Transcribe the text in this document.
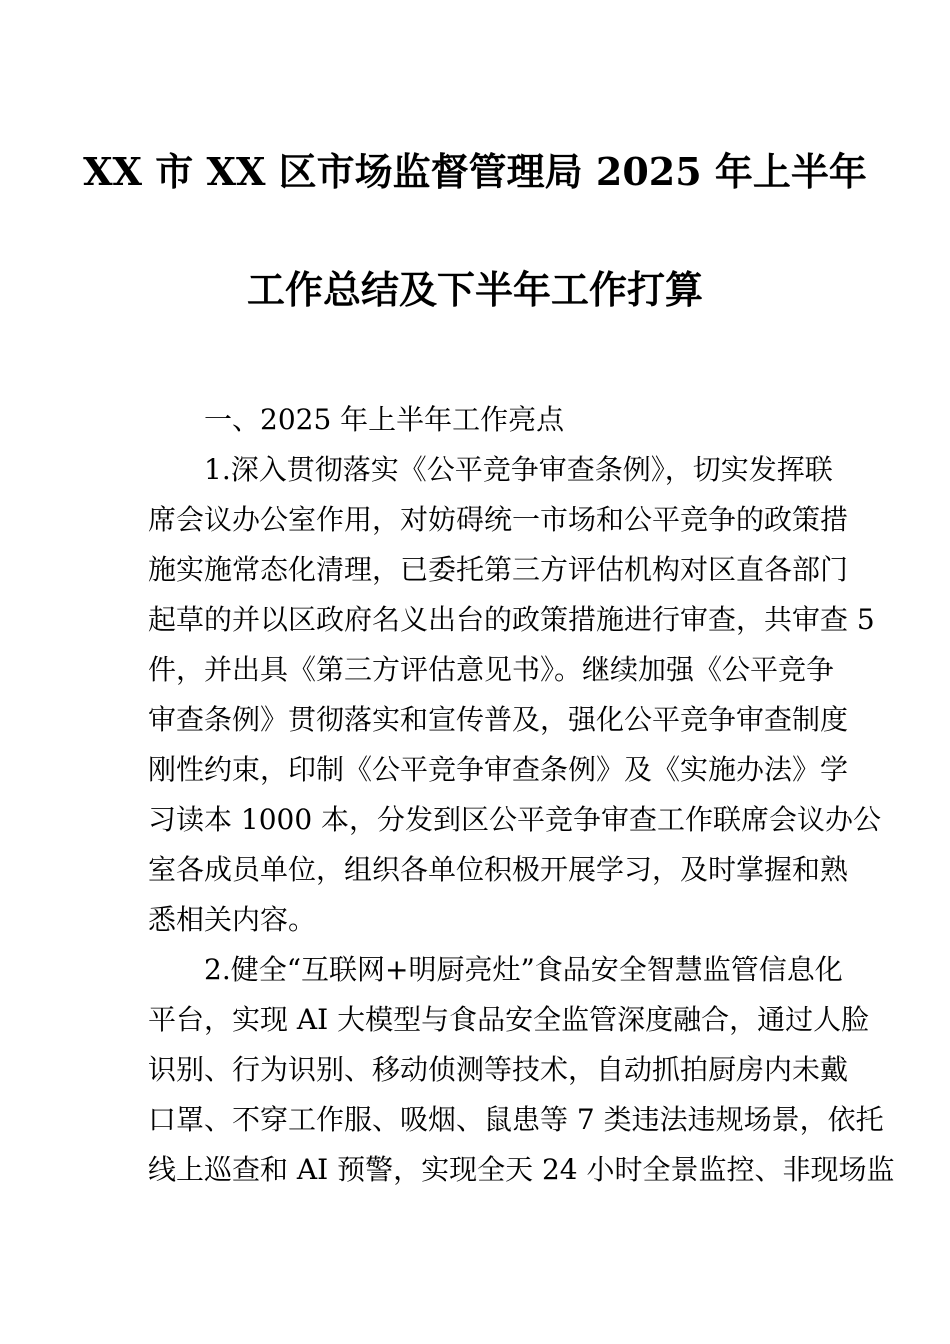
XX 市 XX 区市场监督管理局 2025 年上半年
工作总结及下半年工作打算
一、2025 年上半年工作亮点
1.深入贯彻落实《公平竞争审查条例》，切实发挥联
席会议办公室作用，对妨碍统一市场和公平竞争的政策措
施实施常态化清理，已委托第三方评估机构对区直各部门
起草的并以区政府名义出台的政策措施进行审查，共审查 5
件，并出具《第三方评估意见书》。继续加强《公平竞争
审查条例》贯彻落实和宣传普及，强化公平竞争审查制度
刚性约束，印制《公平竞争审查条例》及《实施办法》学
习读本 1000 本，分发到区公平竞争审查工作联席会议办公
室各成员单位，组织各单位积极开展学习，及时掌握和熟
悉相关内容。
2.健全“互联网+明厨亮灶”食品安全智慧监管信息化
平台，实现 AI 大模型与食品安全监管深度融合，通过人脸
识别、行为识别、移动侦测等技术，自动抓拍厨房内未戴
口罩、不穿工作服、吸烟、鼠患等 7 类违法违规场景，依托
线上巡查和 AI 预警，实现全天 24 小时全景监控、非现场监
